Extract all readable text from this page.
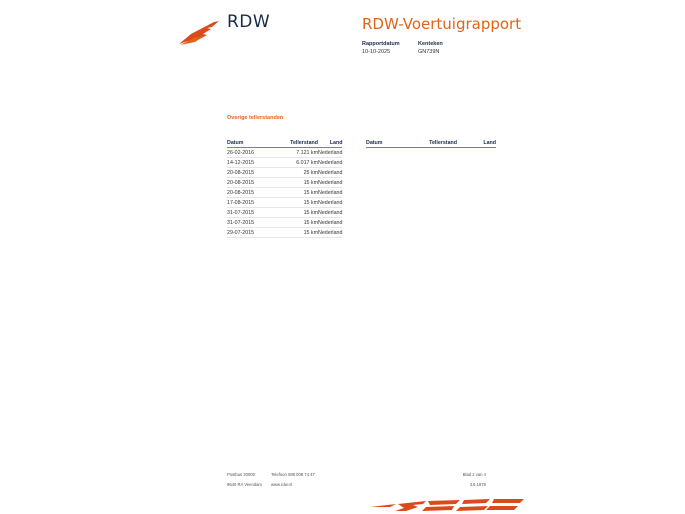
RDW	RDW-Voertuigrapport
Rapportdatum
10-10-2025
Kenteken
GN739N
Overige tellerstanden
Datum	Tellerstand	Land
26-02-2016	7.121 km	Nederland
14-12-2015	6.017 km	Nederland
20-08-2015	25 km	Nederland
20-08-2015	15 km	Nederland
20-08-2015	15 km	Nederland
17-08-2015	15 km	Nederland
31-07-2015	15 km	Nederland
31-07-2015	15 km	Nederland
29-07-2015	15 km	Nederland
Datum	Tellerstand	Land
Postbus 30000
9640 RA Veendam
Telefoon 088 008 74 47
www.rdw.nl
Blad 2 van 4
3.6.1878
